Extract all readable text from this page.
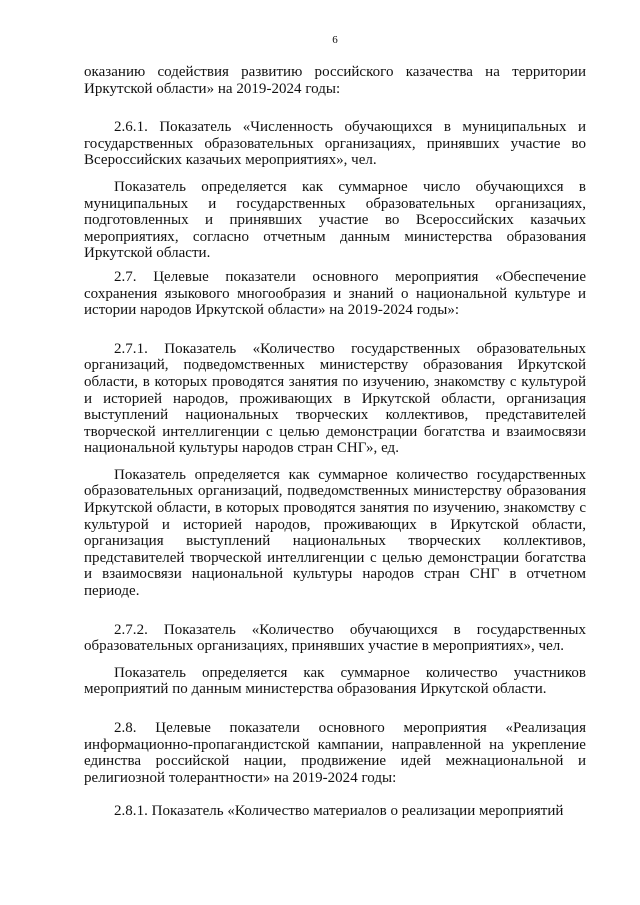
6

оказанию содействия развитию российского казачества на территории Иркутской области» на 2019-2024 годы:

2.6.1. Показатель «Численность обучающихся в муниципальных и государственных образовательных организациях, принявших участие во Всероссийских казачьих мероприятиях», чел.

Показатель определяется как суммарное число обучающихся в муниципальных и государственных образовательных организациях, подготовленных и принявших участие во Всероссийских казачьих мероприятиях, согласно отчетным данным министерства образования Иркутской области.

2.7. Целевые показатели основного мероприятия «Обеспечение сохранения языкового многообразия и знаний о национальной культуре и истории народов Иркутской области» на 2019-2024 годы»:

2.7.1. Показатель «Количество государственных образовательных организаций, подведомственных министерству образования Иркутской области, в которых проводятся занятия по изучению, знакомству с культурой и историей народов, проживающих в Иркутской области, организация выступлений национальных творческих коллективов, представителей творческой интеллигенции с целью демонстрации богатства и взаимосвязи национальной культуры народов стран СНГ», ед.

Показатель определяется как суммарное количество государственных образовательных организаций, подведомственных министерству образования Иркутской области, в которых проводятся занятия по изучению, знакомству с культурой и историей народов, проживающих в Иркутской области, организация выступлений национальных творческих коллективов, представителей творческой интеллигенции с целью демонстрации богатства и взаимосвязи национальной культуры народов стран СНГ в отчетном периоде.

2.7.2. Показатель «Количество обучающихся в государственных образовательных организациях, принявших участие в мероприятиях», чел.

Показатель определяется как суммарное количество участников мероприятий по данным министерства образования Иркутской области.

2.8. Целевые показатели основного мероприятия «Реализация информационно-пропагандистской кампании, направленной на укрепление единства российской нации, продвижение идей межнациональной и религиозной толерантности» на 2019-2024 годы:

2.8.1. Показатель «Количество материалов о реализации мероприятий
